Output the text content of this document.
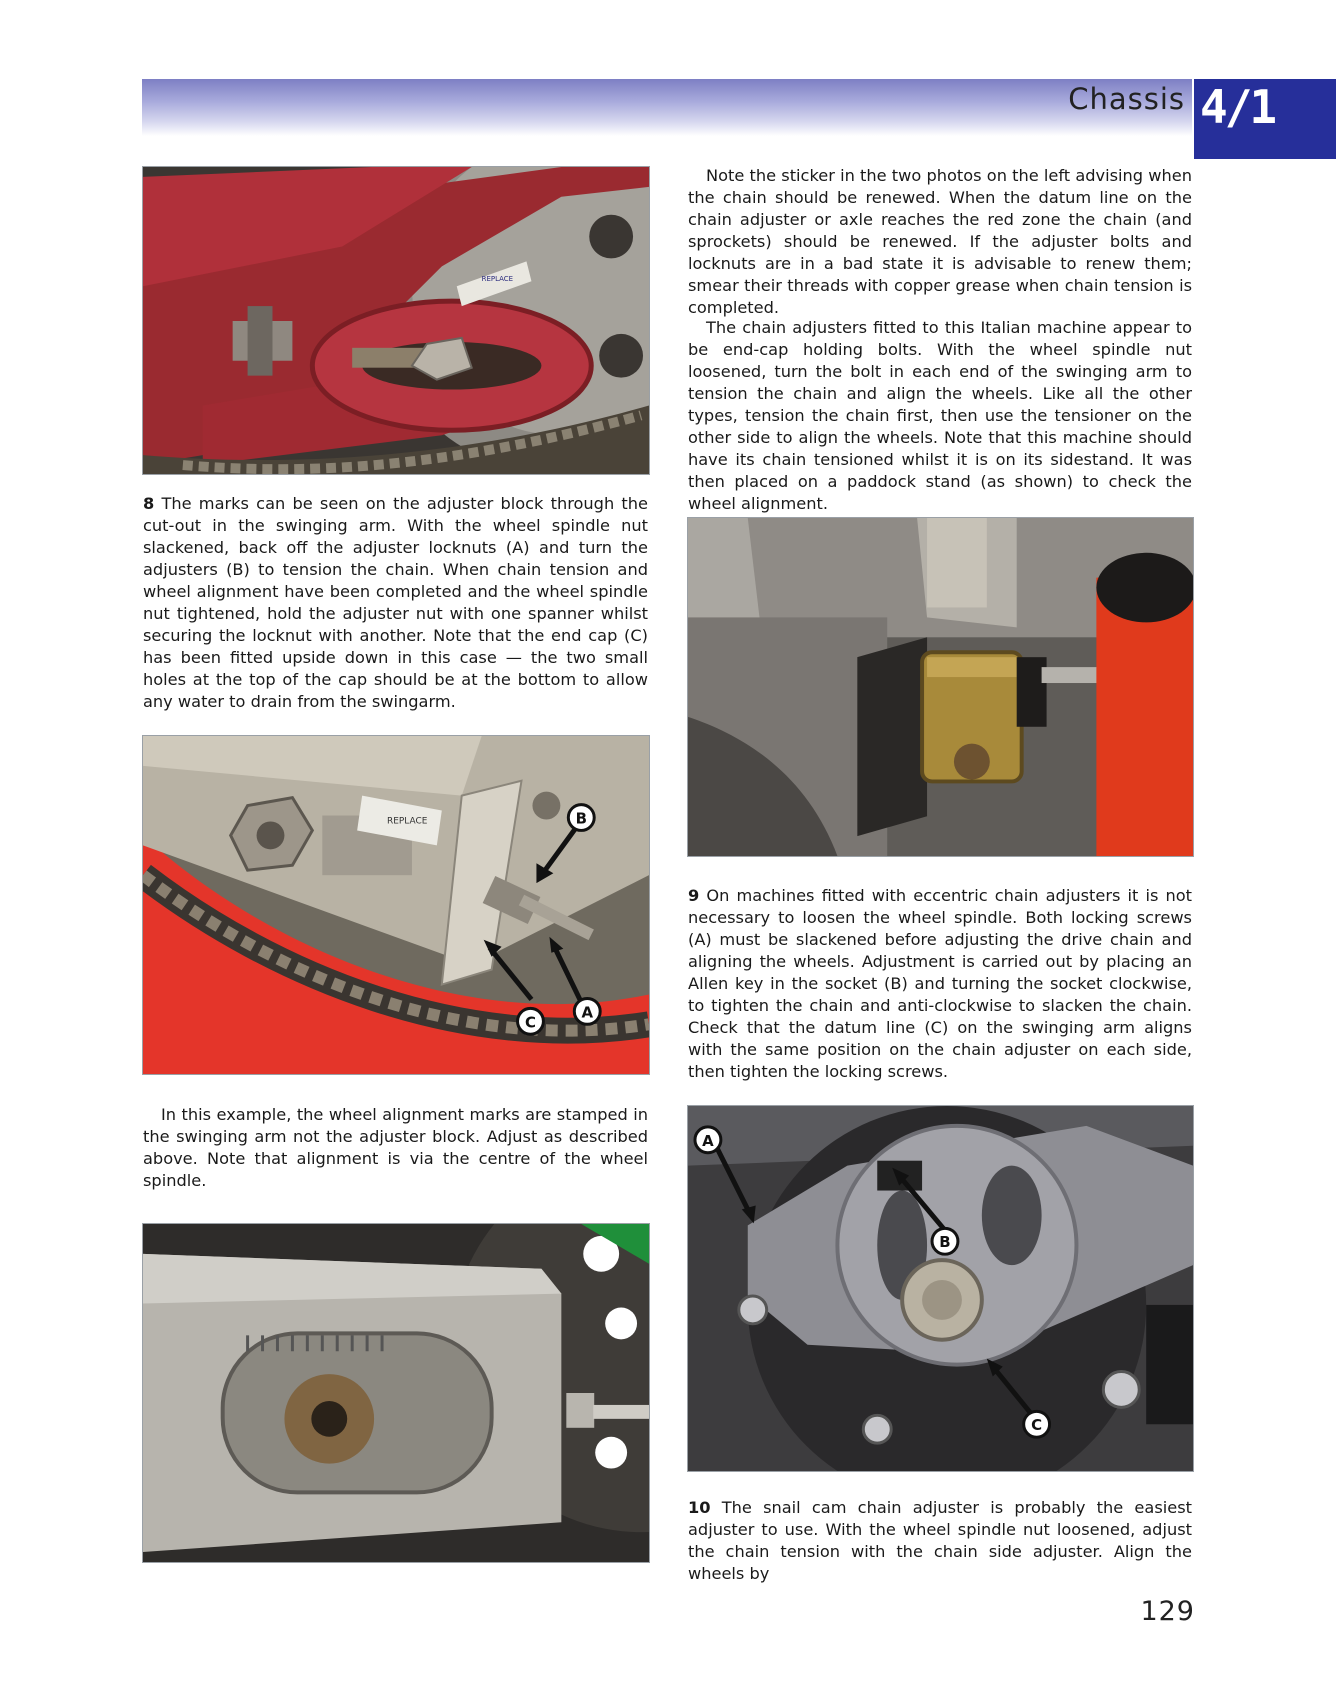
Chassis 4/1
REPLACE

8 The marks can be seen on the adjuster block through the cut-out in the swinging arm. With the wheel spindle nut slackened, back off the adjuster locknuts (A) and turn the adjusters (B) to tension the chain. When chain tension and wheel alignment have been completed and the wheel spindle nut tightened, hold the adjuster nut with one spanner whilst securing the locknut with another. Note that the end cap (C) has been fitted upside down in this case — the two small holes at the top of the cap should be at the bottom to allow any water to drain from the swingarm.

REPLACE	B
C
A

In this example, the wheel alignment marks are stamped in the swinging arm not the adjuster block. Adjust as described above. Note that alignment is via the centre of the wheel spindle.

Note the sticker in the two photos on the left advising when the chain should be renewed. When the datum line on the chain adjuster or axle reaches the red zone the chain (and sprockets) should be renewed. If the adjuster bolts and locknuts are in a bad state it is advisable to renew them; smear their threads with copper grease when chain tension is completed.

The chain adjusters fitted to this Italian machine appear to be end-cap holding bolts. With the wheel spindle nut loosened, turn the bolt in each end of the swinging arm to tension the chain and align the wheels. Like all the other types, tension the chain first, then use the tensioner on the other side to align the wheels. Note that this machine should have its chain tensioned whilst it is on its sidestand. It was then placed on a paddock stand (as shown) to check the wheel alignment.

9 On machines fitted with eccentric chain adjusters it is not necessary to loosen the wheel spindle. Both locking screws (A) must be slackened before adjusting the drive chain and aligning the wheels. Adjustment is carried out by placing an Allen key in the socket (B) and turning the socket clockwise, to tighten the chain and anti-clockwise to slacken the chain. Check that the datum line (C) on the swinging arm aligns with the same position on the chain adjuster on each side, then tighten the locking screws.

A
B
C

10 The snail cam chain adjuster is probably the easiest adjuster to use. With the wheel spindle nut loosened, adjust the chain tension with the chain side adjuster. Align the wheels by

129
